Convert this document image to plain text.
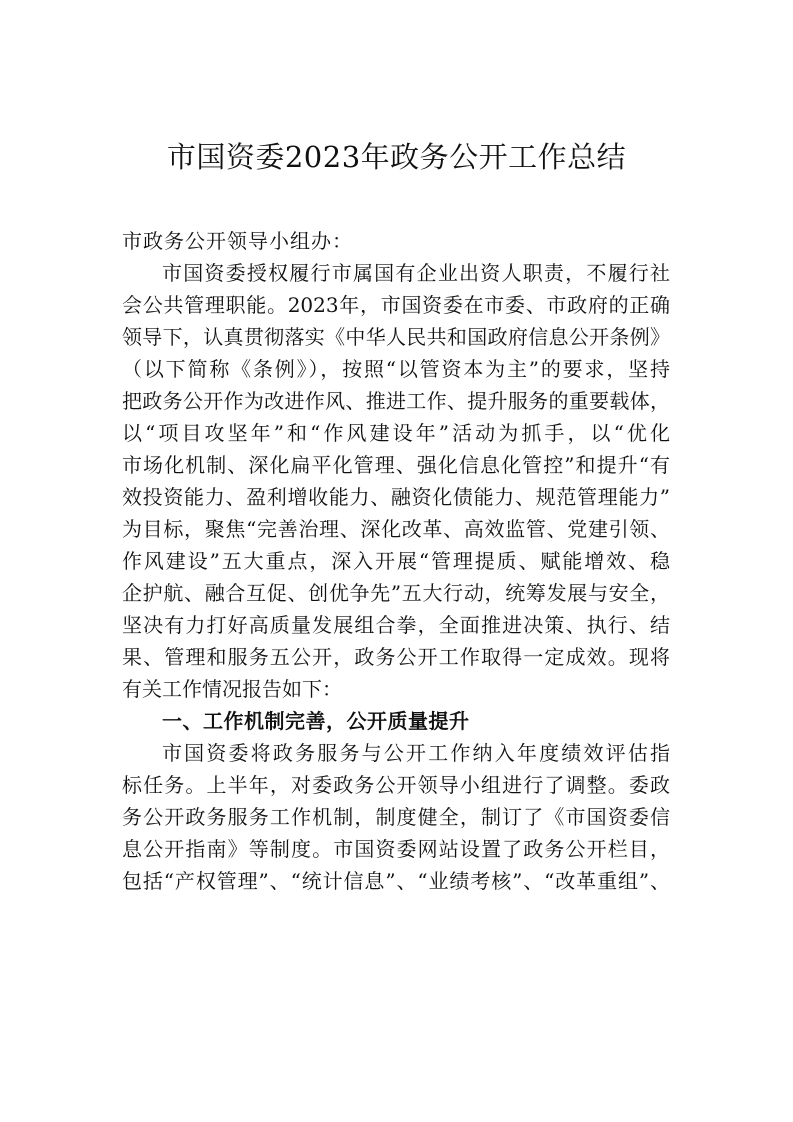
市国资委2023年政务公开工作总结
市政务公开领导小组办：
市国资委授权履行市属国有企业出资人职责，不履行社
会公共管理职能。2023年，市国资委在市委、市政府的正确
领导下，认真贯彻落实《中华人民共和国政府信息公开条例》
（以下简称《条例》），按照“以管资本为主”的要求，坚持
把政务公开作为改进作风、推进工作、提升服务的重要载体，
以“项目攻坚年”和“作风建设年”活动为抓手，以“优化
市场化机制、深化扁平化管理、强化信息化管控”和提升“有
效投资能力、盈利增收能力、融资化债能力、规范管理能力”
为目标，聚焦“完善治理、深化改革、高效监管、党建引领、
作风建设”五大重点，深入开展“管理提质、赋能增效、稳
企护航、融合互促、创优争先”五大行动，统筹发展与安全，
坚决有力打好高质量发展组合拳，全面推进决策、执行、结
果、管理和服务五公开，政务公开工作取得一定成效。现将
有关工作情况报告如下：
一、工作机制完善，公开质量提升
市国资委将政务服务与公开工作纳入年度绩效评估指
标任务。上半年，对委政务公开领导小组进行了调整。委政
务公开政务服务工作机制，制度健全，制订了《市国资委信
息公开指南》等制度。市国资委网站设置了政务公开栏目，
包括“产权管理”、“统计信息”、“业绩考核”、“改革重组”、
